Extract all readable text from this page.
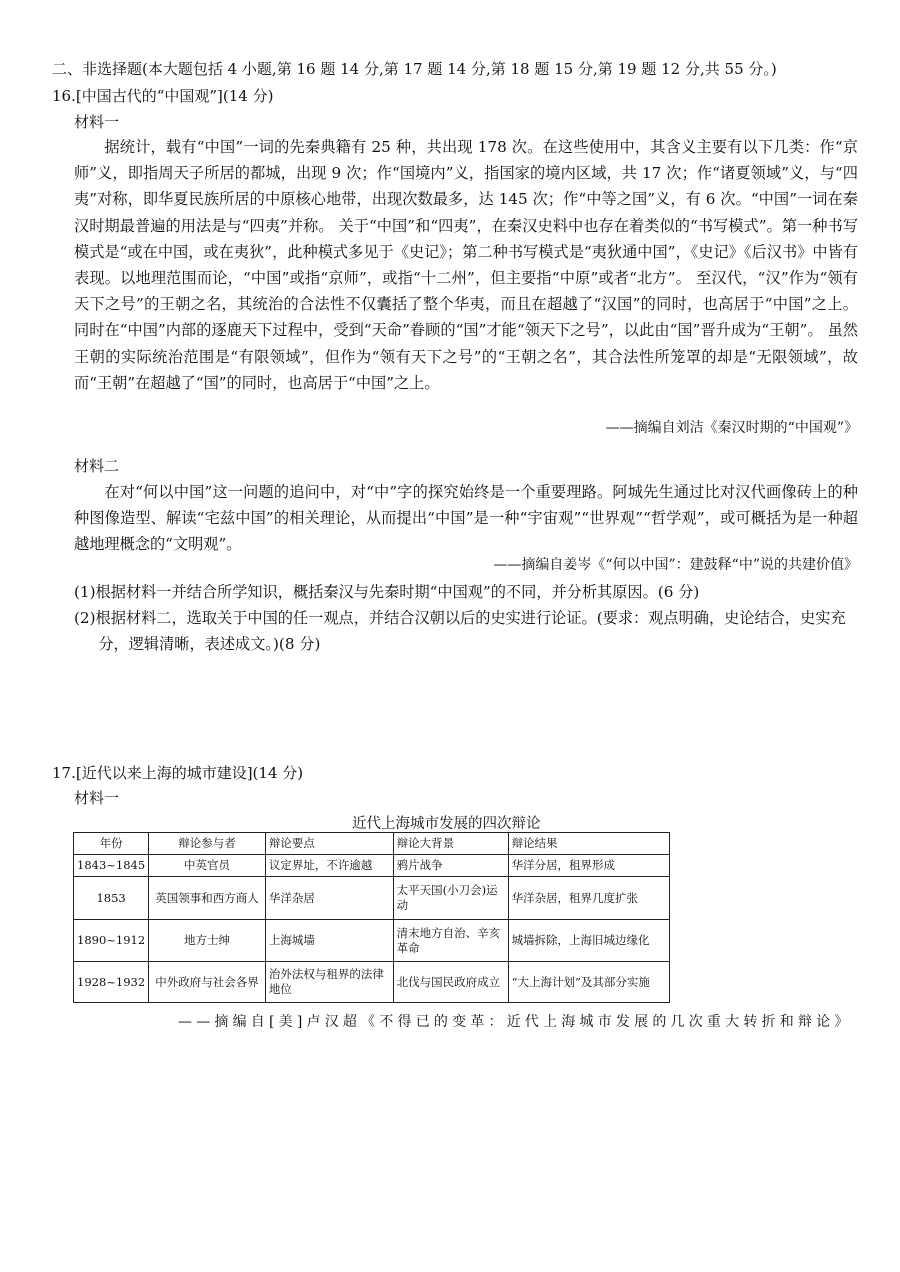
二、非选择题(本大题包括 4 小题,第 16 题 14 分,第 17 题 14 分,第 18 题 15 分,第 19 题 12 分,共 55 分。)
16.[中国古代的“中国观”](14 分)
材料一
据统计，载有“中国”一词的先秦典籍有 25 种，共出现 178 次。在这些使用中，其含义主要有以下几类：作“京师”义，即指周天子所居的都城，出现 9 次；作“国境内”义，指国家的境内区域，共 17 次；作“诸夏领域”义，与“四夷”对称，即华夏民族所居的中原核心地带，出现次数最多，达 145 次；作“中等之国”义，有 6 次。“中国”一词在秦汉时期最普遍的用法是与“四夷”并称。 关于“中国”和“四夷”，在秦汉史料中也存在着类似的“书写模式”。第一种书写模式是“或在中国，或在夷狄”，此种模式多见于《史记》；第二种书写模式是“夷狄通中国”，《史记》《后汉书》中皆有表现。以地理范围而论，“中国”或指“京师”，或指“十二州”，但主要指“中原”或者“北方”。 至汉代，“汉”作为“领有天下之号”的王朝之名，其统治的合法性不仅囊括了整个华夷，而且在超越了“汉国”的同时，也高居于“中国”之上。 同时在“中国”内部的逐鹿天下过程中，受到“天命”眷顾的“国”才能“领天下之号”，以此由“国”晋升成为“王朝”。 虽然王朝的实际统治范围是“有限领域”，但作为“领有天下之号”的“王朝之名”，其合法性所笼罩的却是“无限领域”，故而“王朝”在超越了“国”的同时，也高居于“中国”之上。
——摘编自刘洁《秦汉时期的“中国观”》
材料二
在对“何以中国”这一问题的追问中，对“中”字的探究始终是一个重要理路。阿城先生通过比对汉代画像砖上的种种图像造型、解读“宅兹中国”的相关理论，从而提出“中国”是一种“宇宙观”“世界观”“哲学观”，或可概括为是一种超越地理概念的“文明观”。
——摘编自姜岑《“何以中国”：建鼓释“中”说的共建价值》
(1)根据材料一并结合所学知识，概括秦汉与先秦时期“中国观”的不同，并分析其原因。(6 分)
(2)根据材料二，选取关于中国的任一观点，并结合汉朝以后的史实进行论证。(要求：观点明确，史论结合，史实充分，逻辑清晰，表述成文。)(8 分)
17.[近代以来上海的城市建设](14 分)
材料一
近代上海城市发展的四次辩论
年份	辩论参与者	辩论要点	辩论大背景	辩论结果
1843~1845	中英官员	议定界址，不许逾越	鸦片战争	华洋分居，租界形成
1853	英国领事和西方商人	华洋杂居	太平天国(小刀会)运动	华洋杂居，租界几度扩张
1890~1912	地方士绅	上海城墙	清末地方自治、辛亥革命	城墙拆除，上海旧城边缘化
1928~1932	中外政府与社会各界	治外法权与租界的法律地位	北伐与国民政府成立	“大上海计划”及其部分实施
——摘编自[美]卢汉超《不得已的变革：近代上海城市发展的几次重大转折和辩论》
